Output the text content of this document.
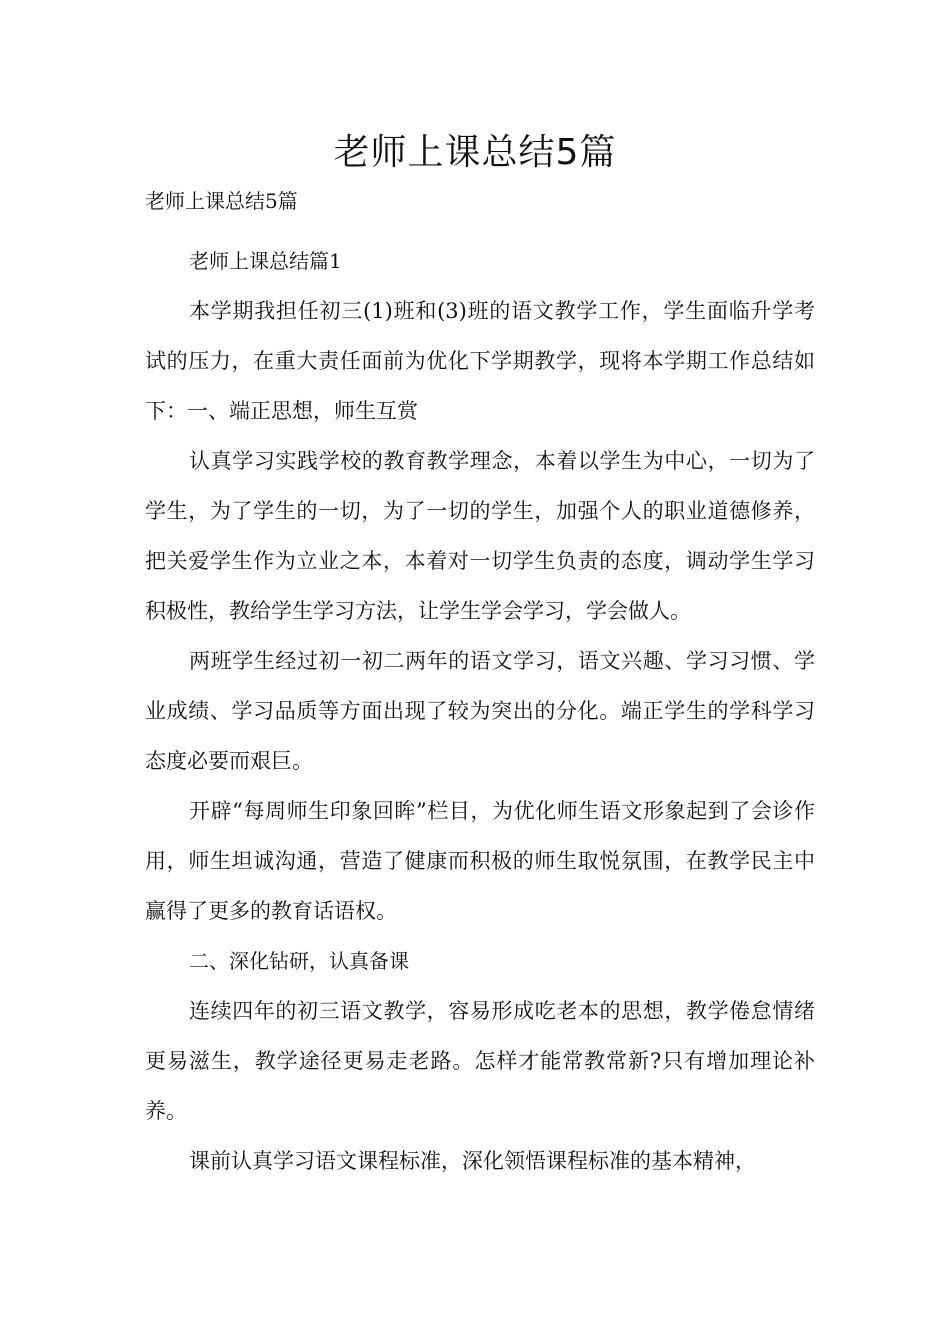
老师上课总结5篇

老师上课总结5篇

老师上课总结篇1

本学期我担任初三(1)班和(3)班的语文教学工作，学生面临升学考试的压力，在重大责任面前为优化下学期教学，现将本学期工作总结如下：一、端正思想，师生互赏

认真学习实践学校的教育教学理念，本着以学生为中心，一切为了学生，为了学生的一切，为了一切的学生，加强个人的职业道德修养，把关爱学生作为立业之本，本着对一切学生负责的态度，调动学生学习积极性，教给学生学习方法，让学生学会学习，学会做人。

两班学生经过初一初二两年的语文学习，语文兴趣、学习习惯、学业成绩、学习品质等方面出现了较为突出的分化。端正学生的学科学习态度必要而艰巨。

开辟“每周师生印象回眸”栏目，为优化师生语文形象起到了会诊作用，师生坦诚沟通，营造了健康而积极的师生取悦氛围，在教学民主中赢得了更多的教育话语权。

二、深化钻研，认真备课

连续四年的初三语文教学，容易形成吃老本的思想，教学倦怠情绪更易滋生，教学途径更易走老路。怎样才能常教常新?只有增加理论补养。

课前认真学习语文课程标准，深化领悟课程标准的基本精神，
